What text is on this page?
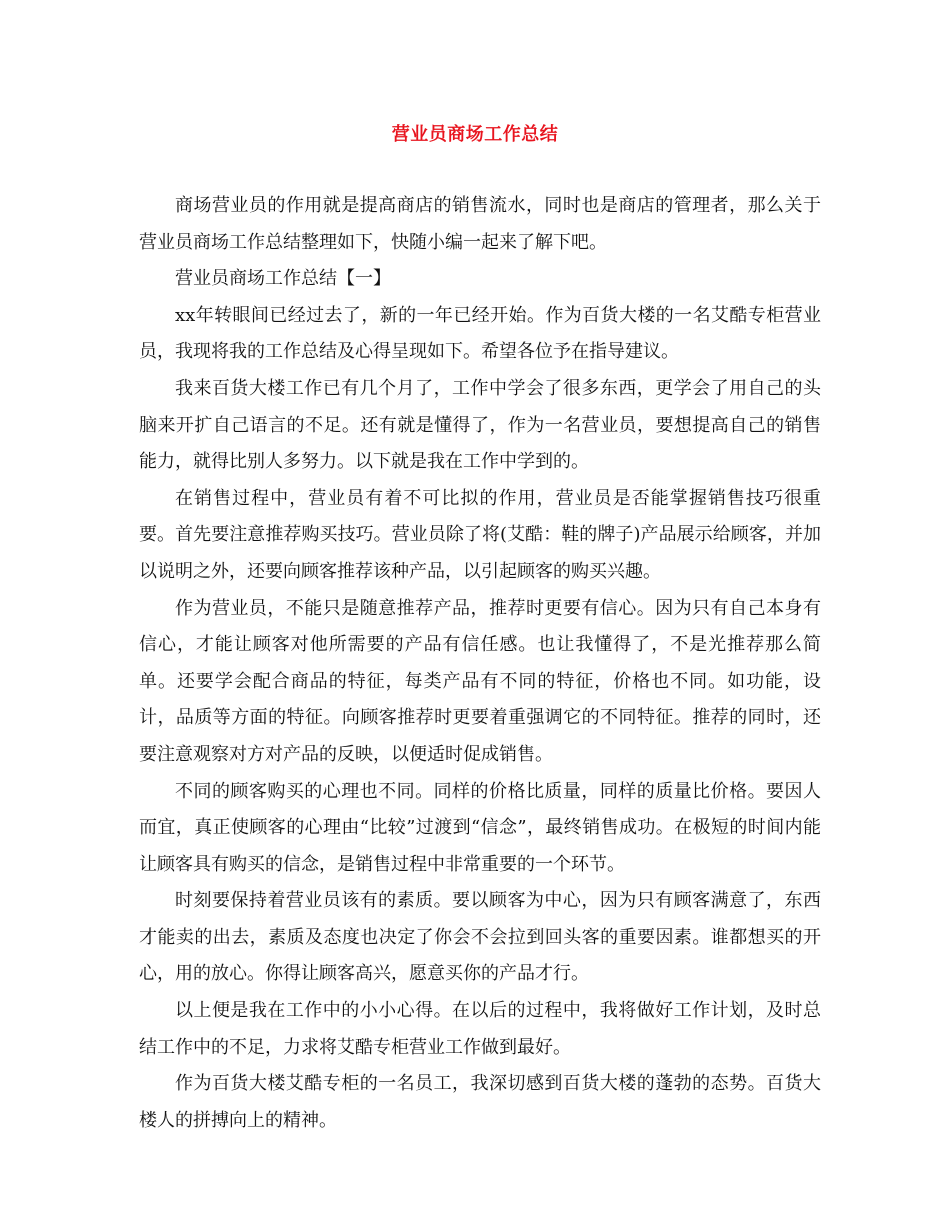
营业员商场工作总结

商场营业员的作用就是提高商店的销售流水，同时也是商店的管理者，那么关于营业员商场工作总结整理如下，快随小编一起来了解下吧。

营业员商场工作总结【一】

xx年转眼间已经过去了，新的一年已经开始。作为百货大楼的一名艾酷专柜营业员，我现将我的工作总结及心得呈现如下。希望各位予在指导建议。

我来百货大楼工作已有几个月了，工作中学会了很多东西，更学会了用自己的头脑来开扩自己语言的不足。还有就是懂得了，作为一名营业员，要想提高自己的销售能力，就得比别人多努力。以下就是我在工作中学到的。

在销售过程中，营业员有着不可比拟的作用，营业员是否能掌握销售技巧很重要。首先要注意推荐购买技巧。营业员除了将(艾酷：鞋的牌子)产品展示给顾客，并加以说明之外，还要向顾客推荐该种产品，以引起顾客的购买兴趣。

作为营业员，不能只是随意推荐产品，推荐时更要有信心。因为只有自己本身有信心，才能让顾客对他所需要的产品有信任感。也让我懂得了，不是光推荐那么简单。还要学会配合商品的特征，每类产品有不同的特征，价格也不同。如功能，设计，品质等方面的特征。向顾客推荐时更要着重强调它的不同特征。推荐的同时，还要注意观察对方对产品的反映，以便适时促成销售。

不同的顾客购买的心理也不同。同样的价格比质量，同样的质量比价格。要因人而宜，真正使顾客的心理由“比较”过渡到“信念”，最终销售成功。在极短的时间内能让顾客具有购买的信念，是销售过程中非常重要的一个环节。

时刻要保持着营业员该有的素质。要以顾客为中心，因为只有顾客满意了，东西才能卖的出去，素质及态度也决定了你会不会拉到回头客的重要因素。谁都想买的开心，用的放心。你得让顾客高兴，愿意买你的产品才行。

以上便是我在工作中的小小心得。在以后的过程中，我将做好工作计划，及时总结工作中的不足，力求将艾酷专柜营业工作做到最好。

作为百货大楼艾酷专柜的一名员工，我深切感到百货大楼的蓬勃的态势。百货大楼人的拼搏向上的精神。
